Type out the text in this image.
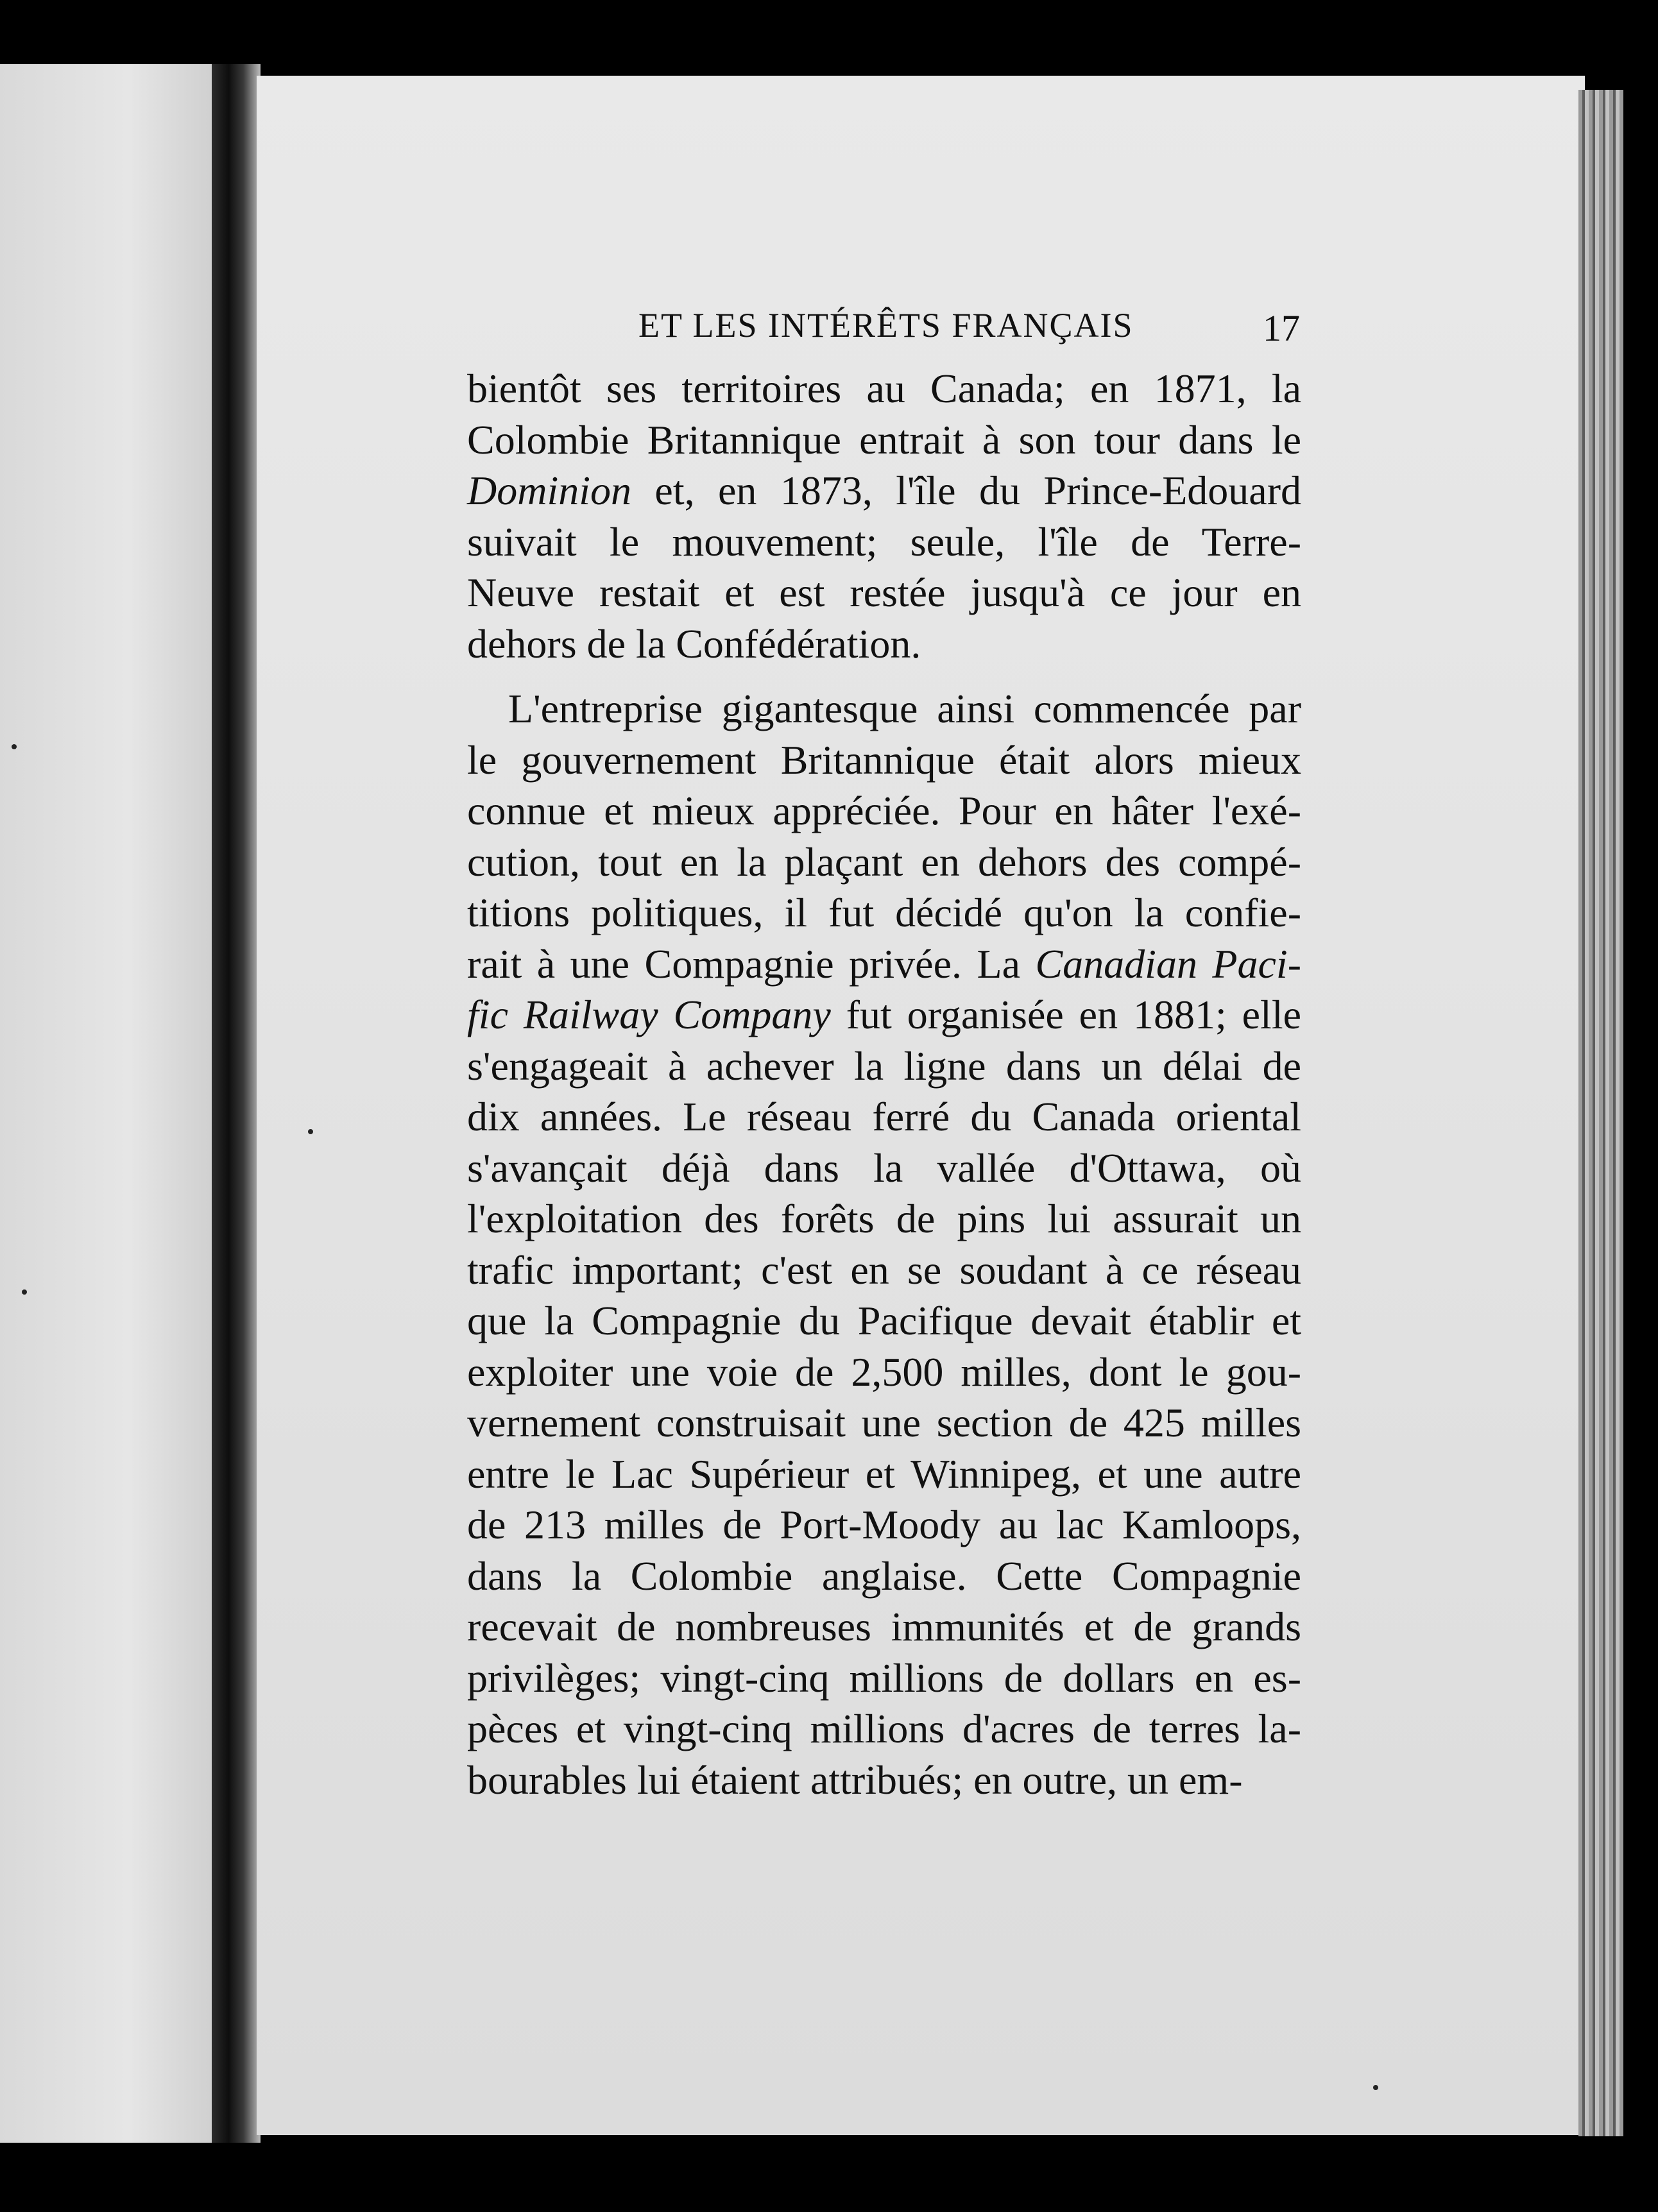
ET LES INTÉRÊTS FRANÇAIS	17
bientôt ses territoires au Canada; en 1871, la
Colombie Britannique entrait à son tour dans le
Dominion et, en 1873, l'île du Prince-Edouard
suivait le mouvement; seule, l'île de Terre-
Neuve restait et est restée jusqu'à ce jour en
dehors de la Confédération.
L'entreprise gigantesque ainsi commencée par
le gouvernement Britannique était alors mieux
connue et mieux appréciée. Pour en hâter l'exé-
cution, tout en la plaçant en dehors des compé-
titions politiques, il fut décidé qu'on la confie-
rait à une Compagnie privée. La Canadian Paci-
fic Railway Company fut organisée en 1881; elle
s'engageait à achever la ligne dans un délai de
dix années. Le réseau ferré du Canada oriental
s'avançait déjà dans la vallée d'Ottawa, où
l'exploitation des forêts de pins lui assurait un
trafic important; c'est en se soudant à ce réseau
que la Compagnie du Pacifique devait établir et
exploiter une voie de 2,500 milles, dont le gou-
vernement construisait une section de 425 milles
entre le Lac Supérieur et Winnipeg, et une autre
de 213 milles de Port-Moody au lac Kamloops,
dans la Colombie anglaise. Cette Compagnie
recevait de nombreuses immunités et de grands
privilèges; vingt-cinq millions de dollars en es-
pèces et vingt-cinq millions d'acres de terres la-
bourables lui étaient attribués; en outre, un em-
